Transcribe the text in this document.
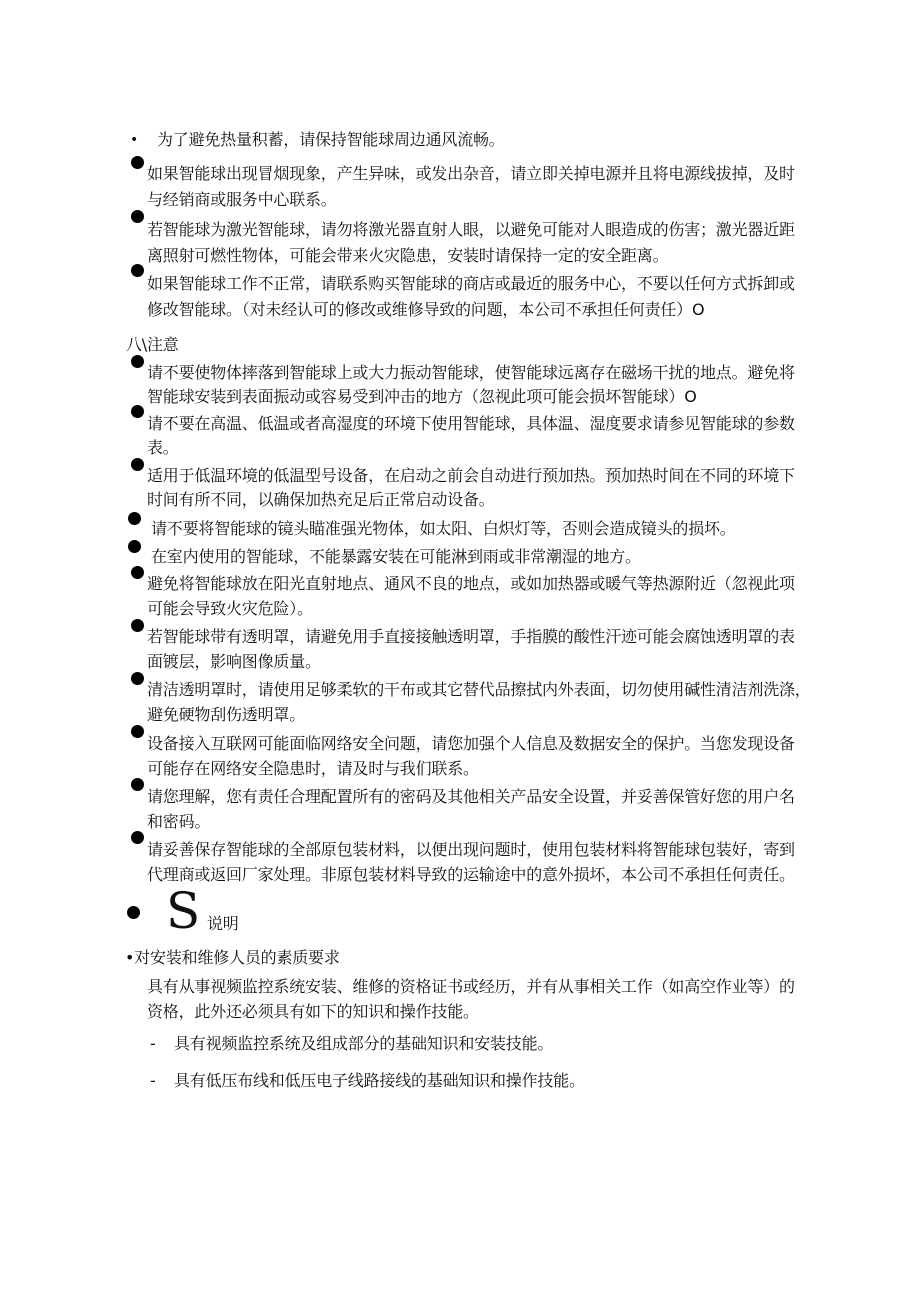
• 为了避免热量积蓄，请保持智能球周边通风流畅。
如果智能球出现冒烟现象，产生异味，或发出杂音，请立即关掉电源并且将电源线拔掉，及时
与经销商或服务中心联系。
若智能球为激光智能球，请勿将激光器直射人眼，以避免可能对人眼造成的伤害；激光器近距
离照射可燃性物体，可能会带来火灾隐患，安装时请保持一定的安全距离。
如果智能球工作不正常，请联系购买智能球的商店或最近的服务中心，不要以任何方式拆卸或
修改智能球。（对未经认可的修改或维修导致的问题，本公司不承担任何责任）O
八\注意
请不要使物体摔落到智能球上或大力振动智能球，使智能球远离存在磁场干扰的地点。避免将
智能球安装到表面振动或容易受到冲击的地方（忽视此项可能会损坏智能球）O
请不要在高温、低温或者高湿度的环境下使用智能球，具体温、湿度要求请参见智能球的参数
表。
适用于低温环境的低温型号设备，在启动之前会自动进行预加热。预加热时间在不同的环境下
时间有所不同，以确保加热充足后正常启动设备。
请不要将智能球的镜头瞄准强光物体，如太阳、白炽灯等，否则会造成镜头的损坏。
在室内使用的智能球，不能暴露安装在可能淋到雨或非常潮湿的地方。
避免将智能球放在阳光直射地点、通风不良的地点，或如加热器或暖气等热源附近（忽视此项
可能会导致火灾危险）。
若智能球带有透明罩，请避免用手直接接触透明罩，手指膜的酸性汗迹可能会腐蚀透明罩的表
面镀层，影响图像质量。
清洁透明罩时，请使用足够柔软的干布或其它替代品擦拭内外表面，切勿使用碱性清洁剂洗涤，
避免硬物刮伤透明罩。
设备接入互联网可能面临网络安全问题，请您加强个人信息及数据安全的保护。当您发现设备
可能存在网络安全隐患时，请及时与我们联系。
请您理解，您有责任合理配置所有的密码及其他相关产品安全设置，并妥善保管好您的用户名
和密码。
请妥善保存智能球的全部原包装材料，以便出现问题时，使用包装材料将智能球包装好，寄到
代理商或返回厂家处理。非原包装材料导致的运输途中的意外损坏，本公司不承担任何责任。
S 说明
•对安装和维修人员的素质要求
具有从事视频监控系统安装、维修的资格证书或经历，并有从事相关工作（如高空作业等）的
资格，此外还必须具有如下的知识和操作技能。
- 具有视频监控系统及组成部分的基础知识和安装技能。
- 具有低压布线和低压电子线路接线的基础知识和操作技能。
